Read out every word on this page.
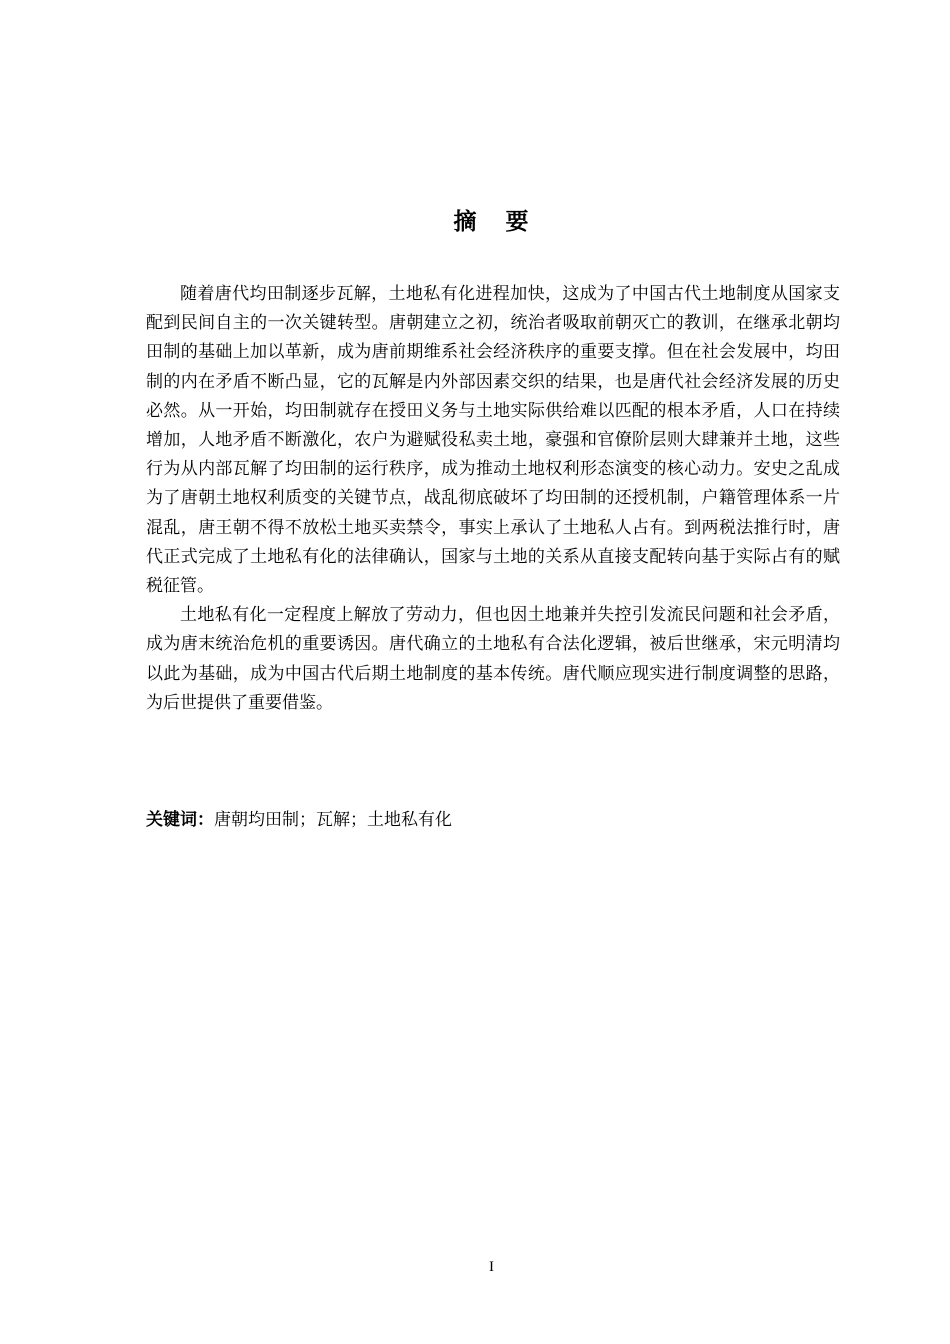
摘 要

随着唐代均田制逐步瓦解，土地私有化进程加快，这成为了中国古代土地制度从国家支配到民间自主的一次关键转型。唐朝建立之初，统治者吸取前朝灭亡的教训，在继承北朝均田制的基础上加以革新，成为唐前期维系社会经济秩序的重要支撑。但在社会发展中，均田制的内在矛盾不断凸显，它的瓦解是内外部因素交织的结果，也是唐代社会经济发展的历史必然。从一开始，均田制就存在授田义务与土地实际供给难以匹配的根本矛盾，人口在持续增加，人地矛盾不断激化，农户为避赋役私卖土地，豪强和官僚阶层则大肆兼并土地，这些行为从内部瓦解了均田制的运行秩序，成为推动土地权利形态演变的核心动力。安史之乱成为了唐朝土地权利质变的关键节点，战乱彻底破坏了均田制的还授机制，户籍管理体系一片混乱，唐王朝不得不放松土地买卖禁令，事实上承认了土地私人占有。到两税法推行时，唐代正式完成了土地私有化的法律确认，国家与土地的关系从直接支配转向基于实际占有的赋税征管。

土地私有化一定程度上解放了劳动力，但也因土地兼并失控引发流民问题和社会矛盾，成为唐末统治危机的重要诱因。唐代确立的土地私有合法化逻辑，被后世继承，宋元明清均以此为基础，成为中国古代后期土地制度的基本传统。唐代顺应现实进行制度调整的思路，为后世提供了重要借鉴。

关键词：唐朝均田制；瓦解；土地私有化
I
